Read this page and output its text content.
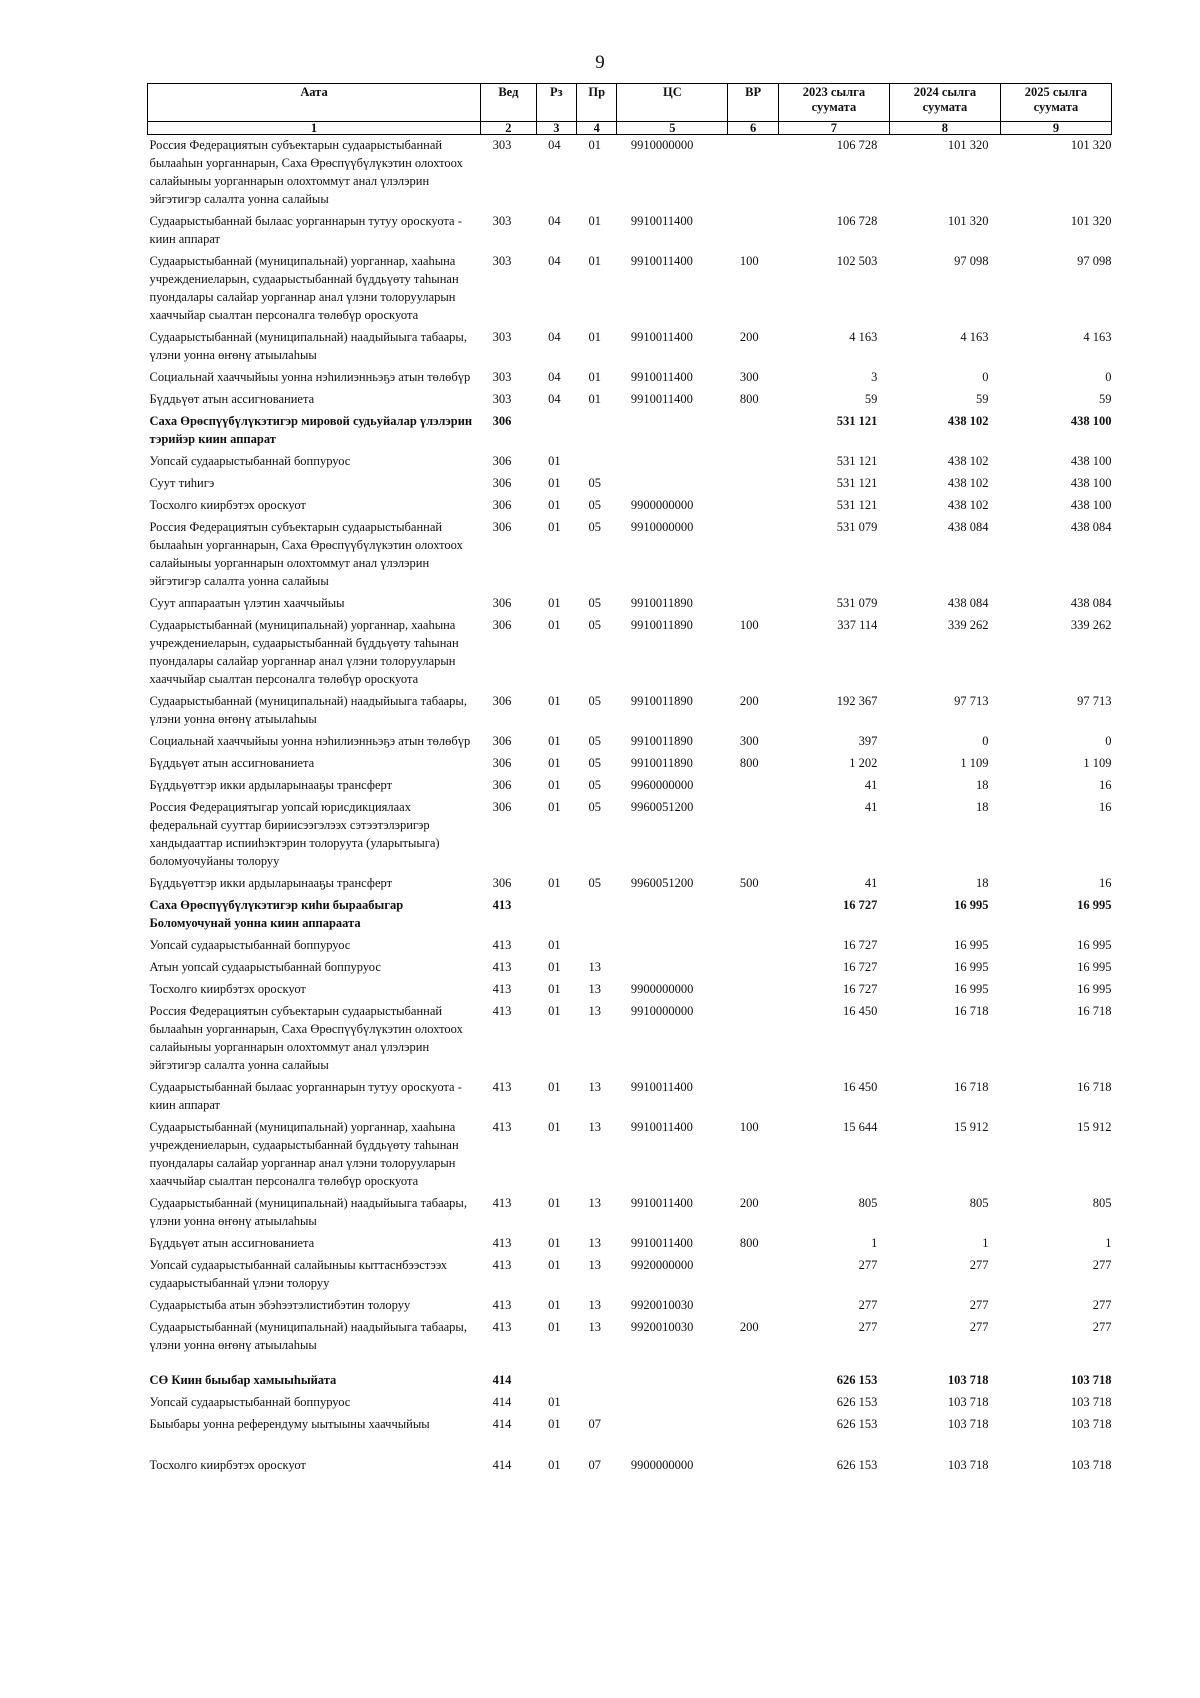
9
Аата	Вед	Рз	Пр	ЦС	ВР	2023 сылга суумата	2024 сылга суумата	2025 сылга суумата
1	2	3	4	5	6	7	8	9
Россия Федерациятын субъектарын судаарыстыбаннай былааһын уорганнарын, Саха Өрөспүүбүлүкэтин олохтоох салайыныы уорганнарын олохтоммут анал үлэлэрин эйгэтигэр салалта уонна салайыы	303	04	01	9910000000		106 728	101 320	101 320
Судаарыстыбаннай былаас уорганнарын тутуу ороскуота - киин аппарат	303	04	01	9910011400		106 728	101 320	101 320
Судаарыстыбаннай (муниципальнай) уорганнар, хааһына учреждениеларын, судаарыстыбаннай бүддьүөту таһынан пуондалары салайар уорганнар анал үлэни толорууларын хааччыйар сыалтан персоналга төлөбүр ороскуота	303	04	01	9910011400	100	102 503	97 098	97 098
Судаарыстыбаннай (муниципальнай) наадыйыыга табаары, үлэни уонна өҥөнү атыылаһыы	303	04	01	9910011400	200	4 163	4 163	4 163
Социальнай хааччыйыы уонна нэһилиэнньэҕэ атын төлөбүр	303	04	01	9910011400	300	3	0	0
Бүддьүөт атын ассигнованиета	303	04	01	9910011400	800	59	59	59
Саха Өрөспүүбүлүкэтигэр мировой судьуйалар үлэлэрин тэрийэр киин аппарат	306					531 121	438 102	438 100
Уопсай судаарыстыбаннай боппуруос	306	01				531 121	438 102	438 100
Суут тиһигэ	306	01	05			531 121	438 102	438 100
Тосхолго киирбэтэх ороскуот	306	01	05	9900000000		531 121	438 102	438 100
Россия Федерациятын субъектарын судаарыстыбаннай былааһын уорганнарын, Саха Өрөспүүбүлүкэтин олохтоох салайыныы уорганнарын олохтоммут анал үлэлэрин эйгэтигэр салалта уонна салайыы	306	01	05	9910000000		531 079	438 084	438 084
Суут аппараатын үлэтин хааччыйыы	306	01	05	9910011890		531 079	438 084	438 084
Судаарыстыбаннай (муниципальнай) уорганнар, хааһына учреждениеларын, судаарыстыбаннай бүддьүөту таһынан пуондалары салайар уорганнар анал үлэни толорууларын хааччыйар сыалтан персоналга төлөбүр ороскуота	306	01	05	9910011890	100	337 114	339 262	339 262
Судаарыстыбаннай (муниципальнай) наадыйыыга табаары, үлэни уонна өҥөнү атыылаһыы	306	01	05	9910011890	200	192 367	97 713	97 713
Социальнай хааччыйыы уонна нэһилиэнньэҕэ атын төлөбүр	306	01	05	9910011890	300	397	0	0
Бүддьүөт атын ассигнованиета	306	01	05	9910011890	800	1 202	1 109	1 109
Бүддьүөттэр икки ардыларынааҕы трансферт	306	01	05	9960000000		41	18	16
Россия Федерациятыгар уопсай юрисдикциялаах федеральнай сууттар бириисээгэлээх сэтээтэлэригэр хандыдааттар испииһэктэрин толоруута (уларытыыга) боломуочуйаны толоруу	306	01	05	9960051200		41	18	16
Бүддьүөттэр икки ардыларынааҕы трансферт	306	01	05	9960051200	500	41	18	16
Саха Өрөспүүбүлүкэтигэр киһи быраабыгар Боломуочунай уонна киин аппараата	413					16 727	16 995	16 995
Уопсай судаарыстыбаннай боппуруос	413	01				16 727	16 995	16 995
Атын уопсай судаарыстыбаннай боппуруос	413	01	13			16 727	16 995	16 995
Тосхолго киирбэтэх ороскуот	413	01	13	9900000000		16 727	16 995	16 995
Россия Федерациятын субъектарын судаарыстыбаннай былааһын уорганнарын, Саха Өрөспүүбүлүкэтин олохтоох салайыныы уорганнарын олохтоммут анал үлэлэрин эйгэтигэр салалта уонна салайыы	413	01	13	9910000000		16 450	16 718	16 718
Судаарыстыбаннай былаас уорганнарын тутуу ороскуота - киин аппарат	413	01	13	9910011400		16 450	16 718	16 718
Судаарыстыбаннай (муниципальнай) уорганнар, хааһына учреждениеларын, судаарыстыбаннай бүддьүөту таһынан пуондалары салайар уорганнар анал үлэни толорууларын хааччыйар сыалтан персоналга төлөбүр ороскуота	413	01	13	9910011400	100	15 644	15 912	15 912
Судаарыстыбаннай (муниципальнай) наадыйыыга табаары, үлэни уонна өҥөнү атыылаһыы	413	01	13	9910011400	200	805	805	805
Бүддьүөт атын ассигнованиета	413	01	13	9910011400	800	1	1	1
Уопсай судаарыстыбаннай салайыныы кыттаснбээстээх судаарыстыбаннай үлэни толоруу	413	01	13	9920000000		277	277	277
Судаарыстыба атын эбэһээтэлистибэтин толоруу	413	01	13	9920010030		277	277	277
Судаарыстыбаннай (муниципальнай) наадыйыыга табаары, үлэни уонна өҥөнү атыылаһыы	413	01	13	9920010030	200	277	277	277
СӨ Киин быыбар хамыыһыйата	414					626 153	103 718	103 718
Уопсай судаарыстыбаннай боппуруос	414	01				626 153	103 718	103 718
Быыбары уонна референдуму ыытыыны хааччыйыы	414	01	07			626 153	103 718	103 718
Тосхолго киирбэтэх ороскуот	414	01	07	9900000000		626 153	103 718	103 718
